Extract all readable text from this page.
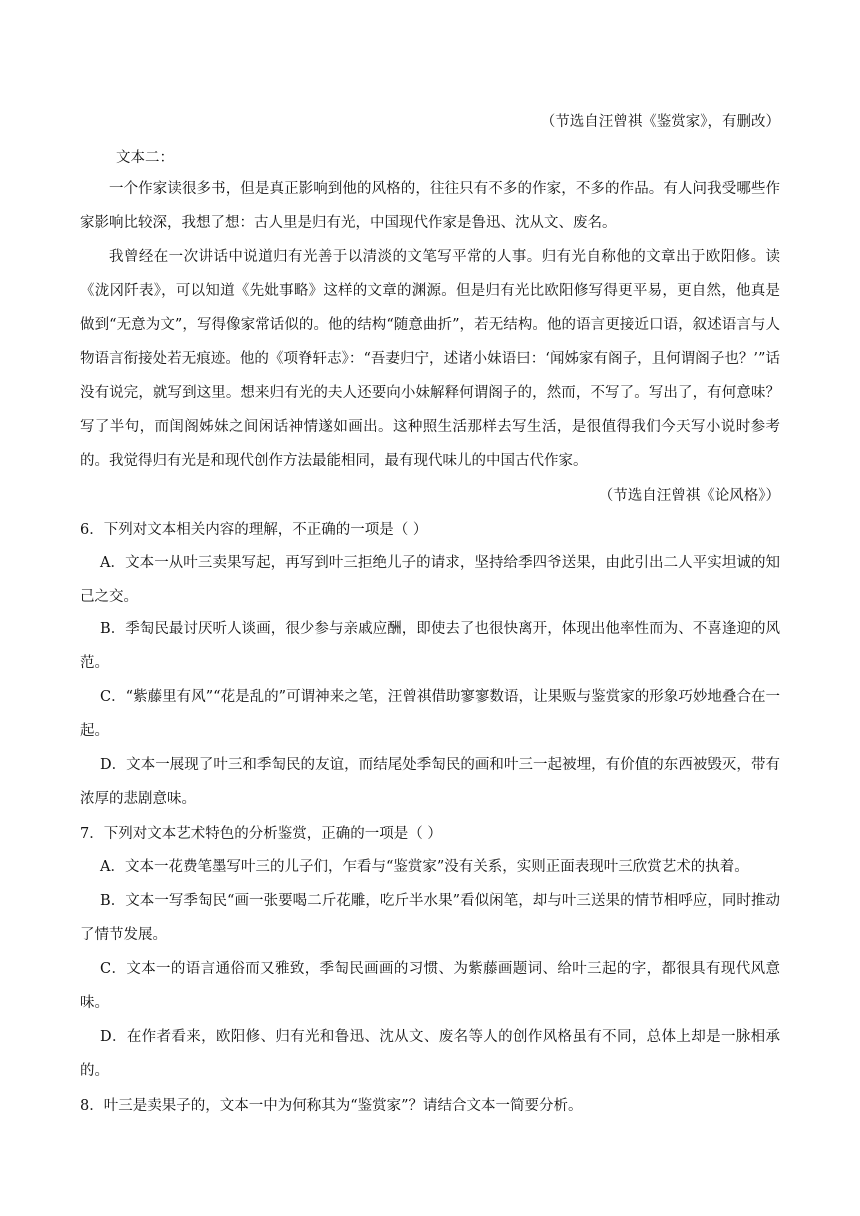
（节选自汪曾祺《鉴赏家》，有删改）
文本二：

一个作家读很多书，但是真正影响到他的风格的，往往只有不多的作家，不多的作品。有人问我受哪些作家影响比较深，我想了想：古人里是归有光，中国现代作家是鲁迅、沈从文、废名。

我曾经在一次讲话中说道归有光善于以清淡的文笔写平常的人事。归有光自称他的文章出于欧阳修。读《泷冈阡表》，可以知道《先妣事略》这样的文章的渊源。但是归有光比欧阳修写得更平易，更自然，他真是做到“无意为文”，写得像家常话似的。他的结构“随意曲折”，若无结构。他的语言更接近口语，叙述语言与人物语言衔接处若无痕迹。他的《项脊轩志》：“吾妻归宁，述诸小妹语曰：‘闻姊家有阁子，且何谓阁子也？’”话没有说完，就写到这里。想来归有光的夫人还要向小妹解释何谓阁子的，然而，不写了。写出了，有何意味？写了半句，而闺阁姊妹之间闲话神情遂如画出。这种照生活那样去写生活，是很值得我们今天写小说时参考的。我觉得归有光是和现代创作方法最能相同，最有现代味儿的中国古代作家。

（节选自汪曾祺《论风格》）
6．下列对文本相关内容的理解，不正确的一项是（ ）

A．文本一从叶三卖果写起，再写到叶三拒绝儿子的请求，坚持给季四爷送果，由此引出二人平实坦诚的知己之交。

B．季匋民最讨厌听人谈画，很少参与亲戚应酬，即使去了也很快离开，体现出他率性而为、不喜逢迎的风范。

C．“紫藤里有风”“花是乱的”可谓神来之笔，汪曾祺借助寥寥数语，让果贩与鉴赏家的形象巧妙地叠合在一起。

D．文本一展现了叶三和季匋民的友谊，而结尾处季匋民的画和叶三一起被埋，有价值的东西被毁灭，带有浓厚的悲剧意味。

7．下列对文本艺术特色的分析鉴赏，正确的一项是（ ）

A．文本一花费笔墨写叶三的儿子们，乍看与“鉴赏家”没有关系，实则正面表现叶三欣赏艺术的执着。

B．文本一写季匋民“画一张要喝二斤花雕，吃斤半水果”看似闲笔，却与叶三送果的情节相呼应，同时推动了情节发展。

C．文本一的语言通俗而又雅致，季匋民画画的习惯、为紫藤画题词、给叶三起的字，都很具有现代风意味。

D．在作者看来，欧阳修、归有光和鲁迅、沈从文、废名等人的创作风格虽有不同，总体上却是一脉相承的。

8．叶三是卖果子的，文本一中为何称其为“鉴赏家”？请结合文本一简要分析。
